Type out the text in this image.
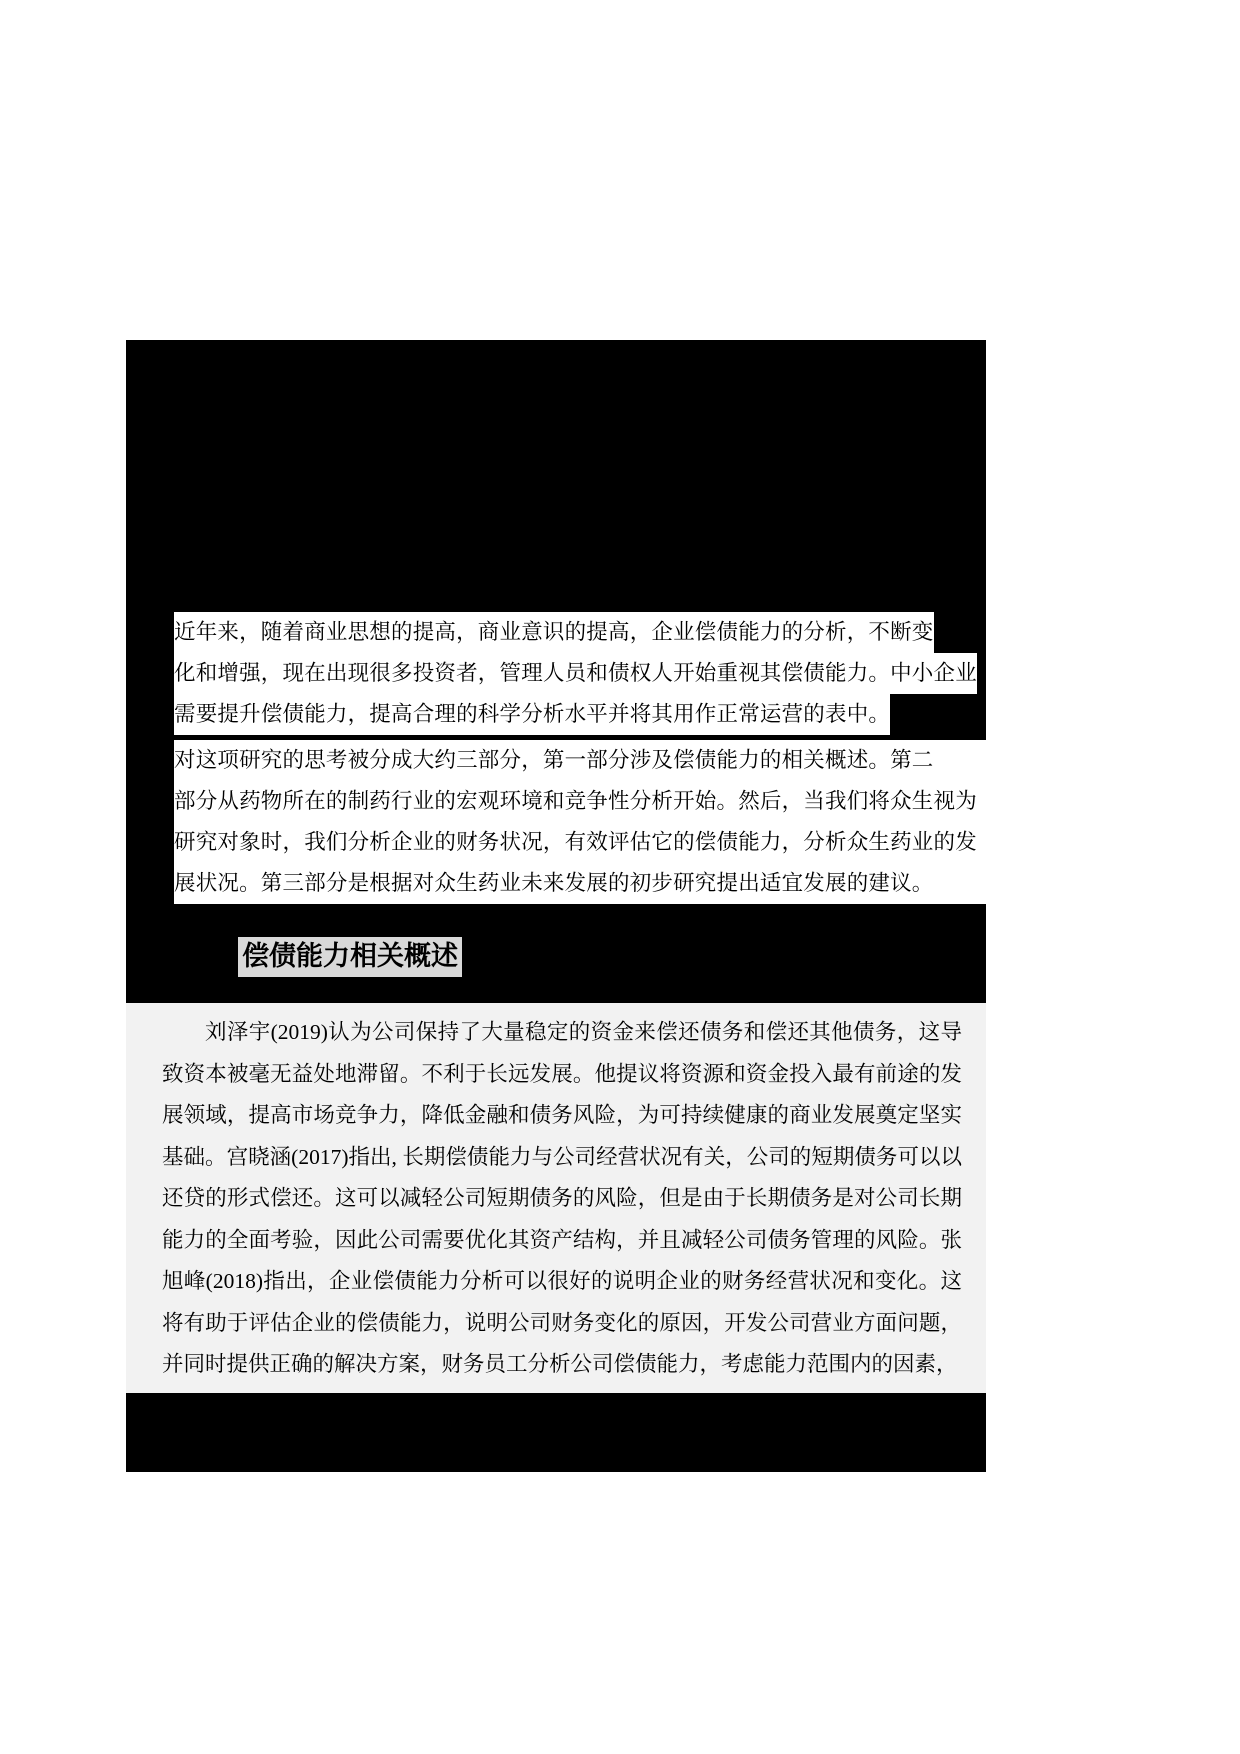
近年来，随着商业思想的提高，商业意识的提高，企业偿债能力的分析，不断变
化和增强，现在出现很多投资者，管理人员和债权人开始重视其偿债能力。中小企业
需要提升偿债能力，提高合理的科学分析水平并将其用作正常运营的表中。
对这项研究的思考被分成大约三部分，第一部分涉及偿债能力的相关概述。第二
部分从药物所在的制药行业的宏观环境和竞争性分析开始。然后，当我们将众生视为
研究对象时，我们分析企业的财务状况，有效评估它的偿债能力，分析众生药业的发
展状况。第三部分是根据对众生药业未来发展的初步研究提出适宜发展的建议。
偿债能力相关概述
刘泽宇(2019)认为公司保持了大量稳定的资金来偿还债务和偿还其他债务，这导致资本被毫无益处地滞留。不利于长远发展。他提议将资源和资金投入最有前途的发展领域，提高市场竞争力，降低金融和债务风险，为可持续健康的商业发展奠定坚实基础。宫晓涵(2017)指出, 长期偿债能力与公司经营状况有关，公司的短期债务可以以还贷的形式偿还。这可以减轻公司短期债务的风险，但是由于长期债务是对公司长期能力的全面考验，因此公司需要优化其资产结构，并且减轻公司债务管理的风险。张旭峰(2018)指出，企业偿债能力分析可以很好的说明企业的财务经营状况和变化。这将有助于评估企业的偿债能力，说明公司财务变化的原因，开发公司营业方面问题，并同时提供正确的解决方案，财务员工分析公司偿债能力，考虑能力范围内的因素，
